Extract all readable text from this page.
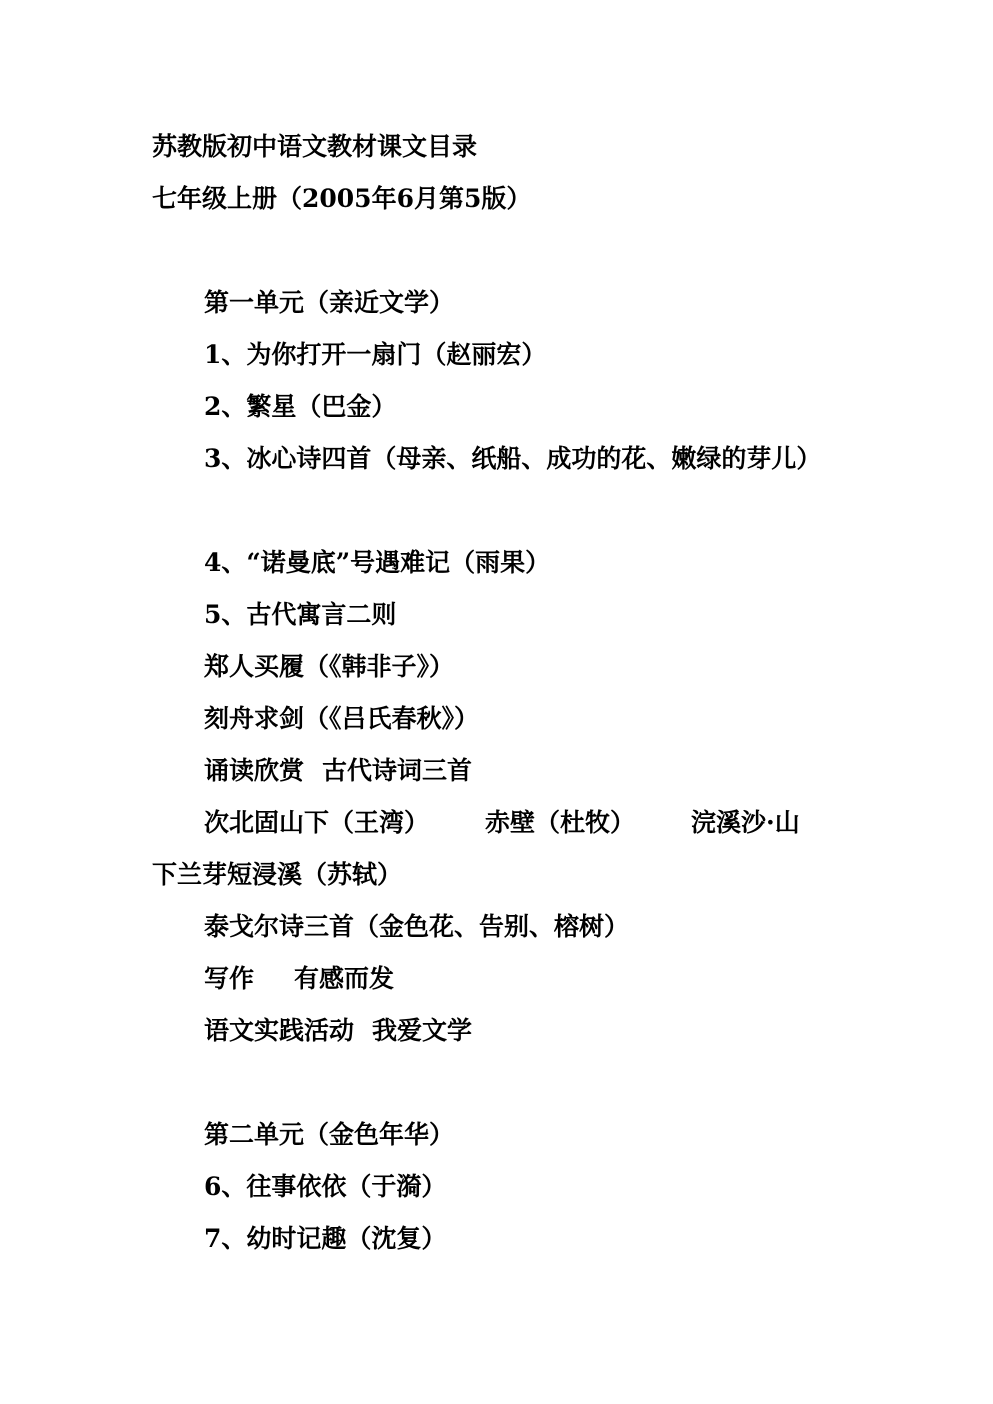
苏教版初中语文教材课文目录
七年级上册（2005年6月第5版）
第一单元（亲近文学）
1、为你打开一扇门（赵丽宏）
2、繁星（巴金）
3、冰心诗四首（母亲、纸船、成功的花、嫩绿的芽儿）
4、“诺曼底”号遇难记（雨果）
5、古代寓言二则
郑人买履（《韩非子》）
刻舟求剑（《吕氏春秋》）
诵读欣赏 古代诗词三首
次北固山下（王湾） 赤壁（杜牧） 浣溪沙·山
下兰芽短浸溪（苏轼）
泰戈尔诗三首（金色花、告别、榕树）
写作 有感而发
语文实践活动 我爱文学
第二单元（金色年华）
6、往事依依（于漪）
7、幼时记趣（沈复）
